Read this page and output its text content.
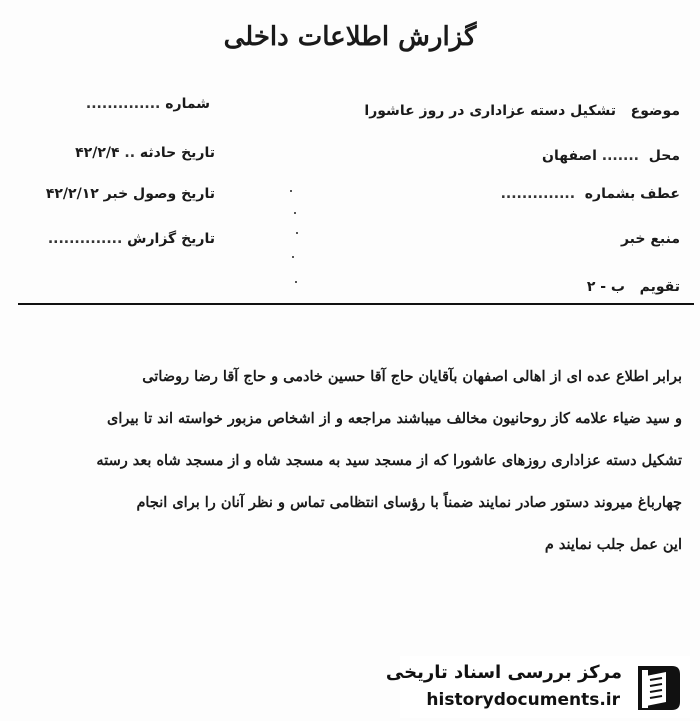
گزارش اطلاعات داخلی
موضوع   تشکیل دسته عزاداری در روز عاشورا
محل  ....... اصفهان
عطف بشماره  ..............
منبع خبر
تقویم   ب - ۲
شماره ..............
تاریخ حادثه .. ۴۲/۲/۴
تاریخ وصول خبر ۴۲/۲/۱۲
تاریخ گزارش ..............

برابر اطلاع عده ای از اهالی اصفهان بآقایان حاج آقا حسین خادمی و حاج آقا رضا روضاتی

و سید ضیاء علامه کاز روحانیون مخالف میباشند مراجعه و از اشخاص مزبور خواسته اند تا بیرای

تشکیل دسته عزاداری روزهای عاشورا که از مسجد سید به مسجد شاه و از مسجد شاه بعد رسته

چهارباغ میروند دستور صادر نمایند ضمناً با رؤسای انتظامی تماس و نظر آنان را برای انجام

این عمل جلب نمایند م

مرکز بررسی اسناد تاریخی
historydocuments.ir
